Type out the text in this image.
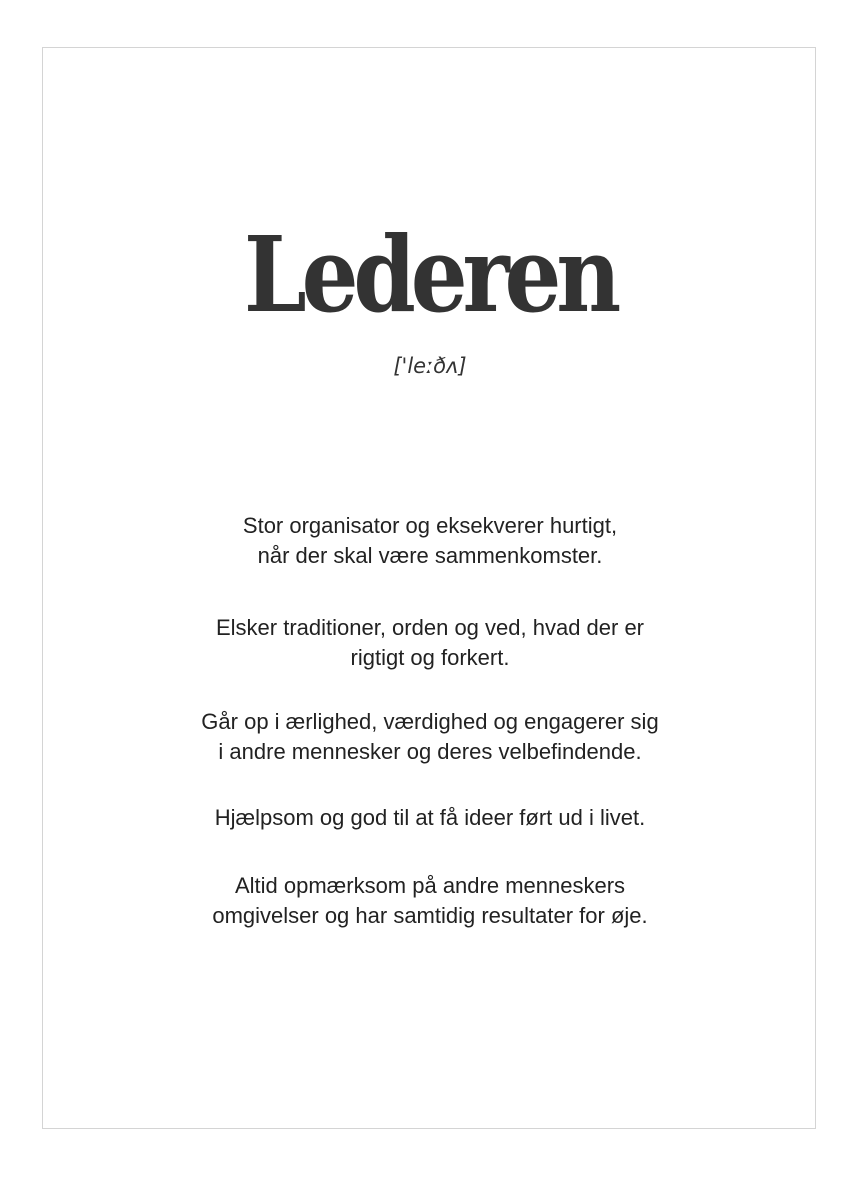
Lederen
['leːðʌ]
Stor organisator og eksekverer hurtigt,
når der skal være sammenkomster.
Elsker traditioner, orden og ved, hvad der er
rigtigt og forkert.
Går op i ærlighed, værdighed og engagerer sig
i andre mennesker og deres velbefindende.
Hjælpsom og god til at få ideer ført ud i livet.
Altid opmærksom på andre menneskers
omgivelser og har samtidig resultater for øje.
